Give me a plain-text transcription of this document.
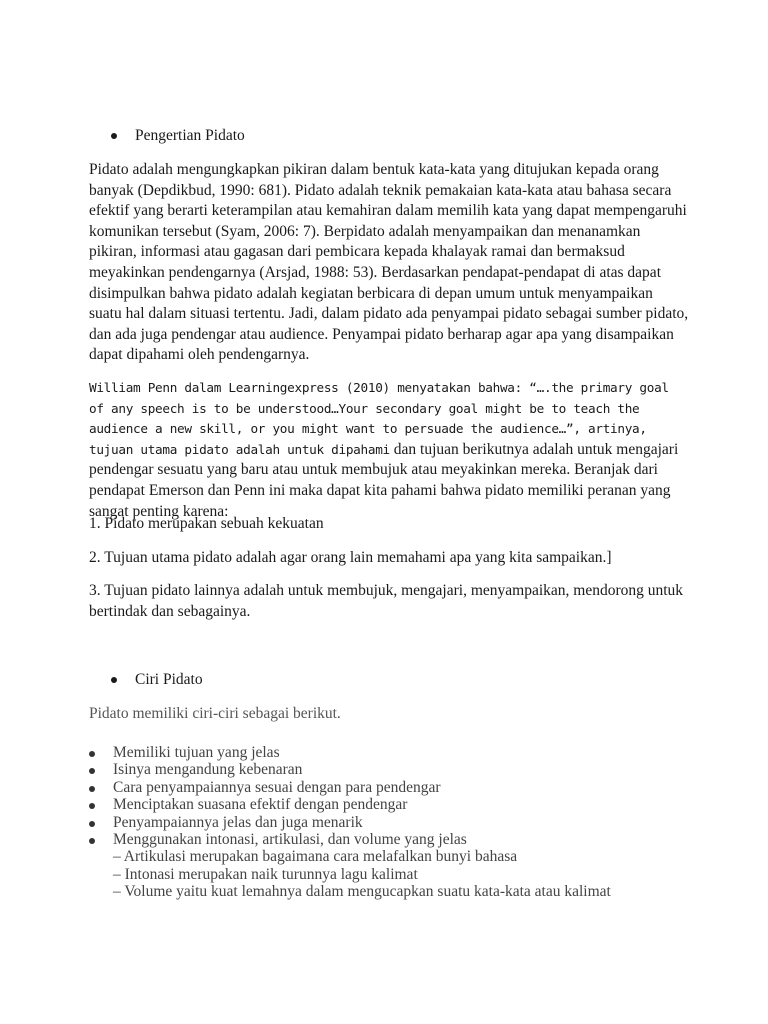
Pengertian Pidato
Pidato adalah mengungkapkan pikiran dalam bentuk kata-kata yang ditujukan kepada orang banyak (Depdikbud, 1990: 681). Pidato adalah teknik pemakaian kata-kata atau bahasa secara efektif yang berarti keterampilan atau kemahiran dalam memilih kata yang dapat mempengaruhi komunikan tersebut (Syam, 2006: 7). Berpidato adalah menyampaikan dan menanamkan pikiran, informasi atau gagasan dari pembicara kepada khalayak ramai dan bermaksud meyakinkan pendengarnya (Arsjad, 1988: 53). Berdasarkan pendapat-pendapat di atas dapat disimpulkan bahwa pidato adalah kegiatan berbicara di depan umum untuk menyampaikan suatu hal dalam situasi tertentu. Jadi, dalam pidato ada penyampai pidato sebagai sumber pidato, dan ada juga pendengar atau audience. Penyampai pidato berharap agar apa yang disampaikan dapat dipahami oleh pendengarnya.
William Penn dalam Learningexpress (2010) menyatakan bahwa: “….the primary goal of any speech is to be understood…Your secondary goal might be to teach the audience a new skill, or you might want to persuade the audience…”, artinya, tujuan utama pidato adalah untuk dipahami dan tujuan berikutnya adalah untuk mengajari pendengar sesuatu yang baru atau untuk membujuk atau meyakinkan mereka. Beranjak dari pendapat Emerson dan Penn ini maka dapat kita pahami bahwa pidato memiliki peranan yang sangat penting karena:
1. Pidato merupakan sebuah kekuatan
2. Tujuan utama pidato adalah agar orang lain memahami apa yang kita sampaikan.]
3. Tujuan pidato lainnya adalah untuk membujuk, mengajari, menyampaikan, mendorong untuk bertindak dan sebagainya.
Ciri Pidato
Pidato memiliki ciri-ciri sebagai berikut.
Memiliki tujuan yang jelas
Isinya mengandung kebenaran
Cara penyampaiannya sesuai dengan para pendengar
Menciptakan suasana efektif dengan pendengar
Penyampaiannya jelas dan juga menarik
Menggunakan intonasi, artikulasi, dan volume yang jelas
– Artikulasi merupakan bagaimana cara melafalkan bunyi bahasa
– Intonasi merupakan naik turunnya lagu kalimat
– Volume yaitu kuat lemahnya dalam mengucapkan suatu kata-kata atau kalimat
